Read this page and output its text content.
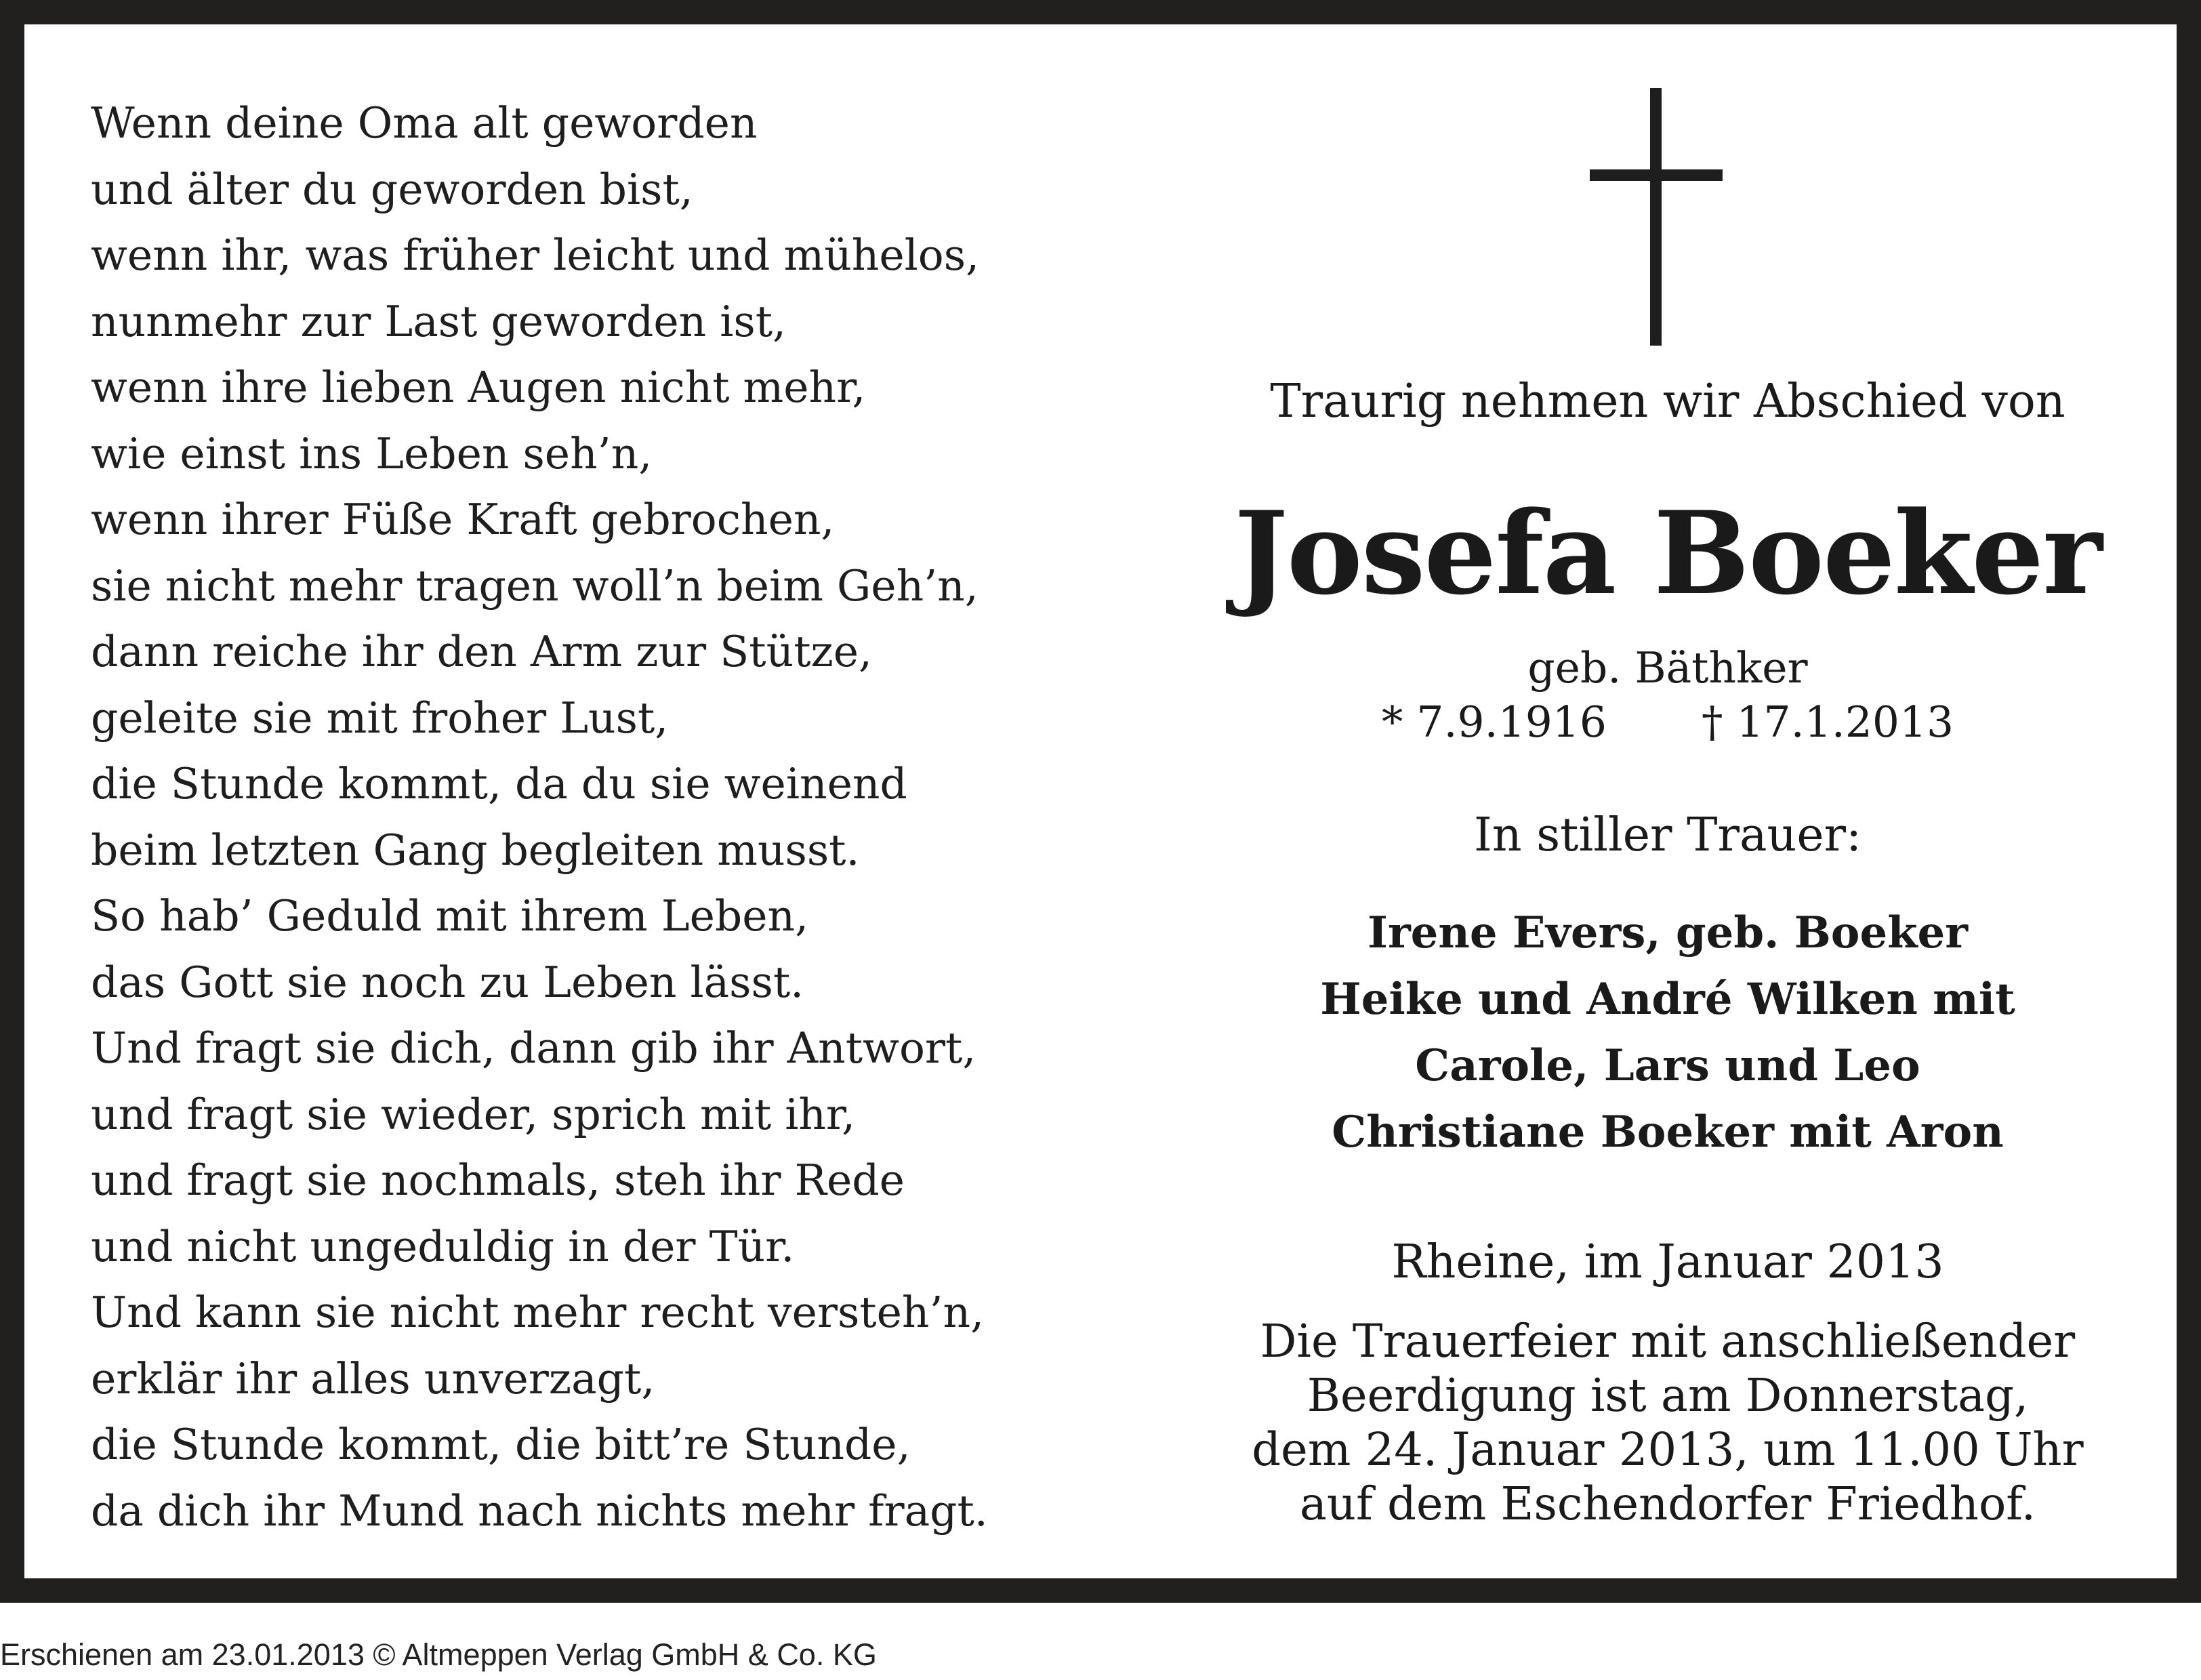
Wenn deine Oma alt geworden
und älter du geworden bist,
wenn ihr, was früher leicht und mühelos,
nunmehr zur Last geworden ist,
wenn ihre lieben Augen nicht mehr,
wie einst ins Leben seh’n,
wenn ihrer Füße Kraft gebrochen,
sie nicht mehr tragen woll’n beim Geh’n,
dann reiche ihr den Arm zur Stütze,
geleite sie mit froher Lust,
die Stunde kommt, da du sie weinend
beim letzten Gang begleiten musst.
So hab’ Geduld mit ihrem Leben,
das Gott sie noch zu Leben lässt.
Und fragt sie dich, dann gib ihr Antwort,
und fragt sie wieder, sprich mit ihr,
und fragt sie nochmals, steh ihr Rede
und nicht ungeduldig in der Tür.
Und kann sie nicht mehr recht versteh’n,
erklär ihr alles unverzagt,
die Stunde kommt, die bitt’re Stunde,
da dich ihr Mund nach nichts mehr fragt.
Traurig nehmen wir Abschied von
Josefa Boeker
geb. Bäthker
* 7.9.1916 † 17.1.2013
In stiller Trauer:
Irene Evers, geb. Boeker
Heike und André Wilken mit
Carole, Lars und Leo
Christiane Boeker mit Aron
Rheine, im Januar 2013
Die Trauerfeier mit anschließender
Beerdigung ist am Donnerstag,
dem 24. Januar 2013, um 11.00 Uhr
auf dem Eschendorfer Friedhof.
Erschienen am 23.01.2013 © Altmeppen Verlag GmbH & Co. KG
